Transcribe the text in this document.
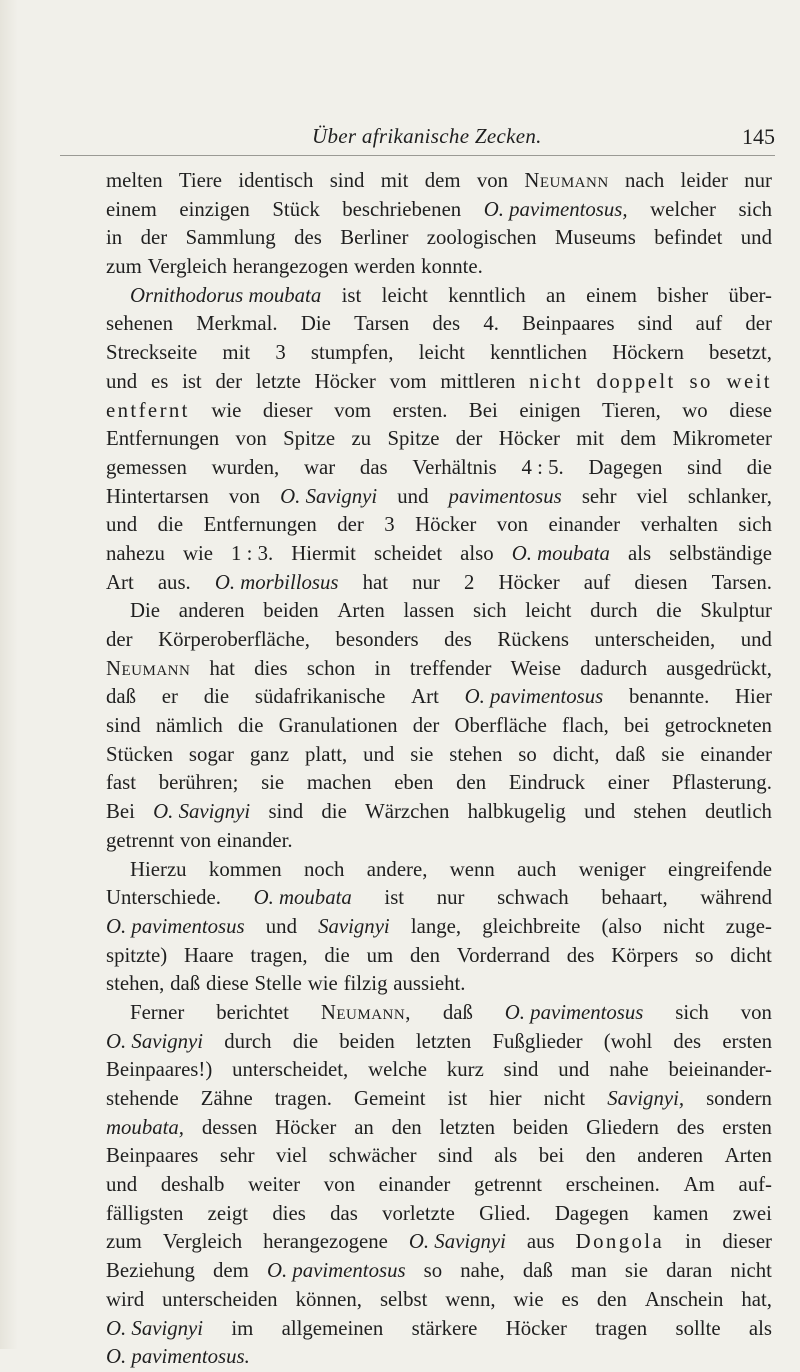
Über afrikanische Zecken.	145
melten Tiere identisch sind mit dem von Neumann nach leider nur
einem einzigen Stück beschriebenen O. pavimentosus, welcher sich
in der Sammlung des Berliner zoologischen Museums befindet und
zum Vergleich herangezogen werden konnte.
Ornithodorus moubata ist leicht kenntlich an einem bisher über-
sehenen Merkmal. Die Tarsen des 4. Beinpaares sind auf der
Streckseite mit 3 stumpfen, leicht kenntlichen Höckern besetzt,
und es ist der letzte Höcker vom mittleren nicht doppelt so weit
entfernt wie dieser vom ersten. Bei einigen Tieren, wo diese
Entfernungen von Spitze zu Spitze der Höcker mit dem Mikrometer
gemessen wurden, war das Verhältnis 4 : 5. Dagegen sind die
Hintertarsen von O. Savignyi und pavimentosus sehr viel schlanker,
und die Entfernungen der 3 Höcker von einander verhalten sich
nahezu wie 1 : 3. Hiermit scheidet also O. moubata als selbständige
Art aus. O. morbillosus hat nur 2 Höcker auf diesen Tarsen.
Die anderen beiden Arten lassen sich leicht durch die Skulptur
der Körperoberfläche, besonders des Rückens unterscheiden, und
Neumann hat dies schon in treffender Weise dadurch ausgedrückt,
daß er die südafrikanische Art O. pavimentosus benannte. Hier
sind nämlich die Granulationen der Oberfläche flach, bei getrockneten
Stücken sogar ganz platt, und sie stehen so dicht, daß sie einander
fast berühren; sie machen eben den Eindruck einer Pflasterung.
Bei O. Savignyi sind die Wärzchen halbkugelig und stehen deutlich
getrennt von einander.
Hierzu kommen noch andere, wenn auch weniger eingreifende
Unterschiede. O. moubata ist nur schwach behaart, während
O. pavimentosus und Savignyi lange, gleichbreite (also nicht zuge-
spitzte) Haare tragen, die um den Vorderrand des Körpers so dicht
stehen, daß diese Stelle wie filzig aussieht.
Ferner berichtet Neumann, daß O. pavimentosus sich von
O. Savignyi durch die beiden letzten Fußglieder (wohl des ersten
Beinpaares!) unterscheidet, welche kurz sind und nahe beieinander-
stehende Zähne tragen. Gemeint ist hier nicht Savignyi, sondern
moubata, dessen Höcker an den letzten beiden Gliedern des ersten
Beinpaares sehr viel schwächer sind als bei den anderen Arten
und deshalb weiter von einander getrennt erscheinen. Am auf-
fälligsten zeigt dies das vorletzte Glied. Dagegen kamen zwei
zum Vergleich herangezogene O. Savignyi aus Dongola in dieser
Beziehung dem O. pavimentosus so nahe, daß man sie daran nicht
wird unterscheiden können, selbst wenn, wie es den Anschein hat,
O. Savignyi im allgemeinen stärkere Höcker tragen sollte als
O. pavimentosus.
